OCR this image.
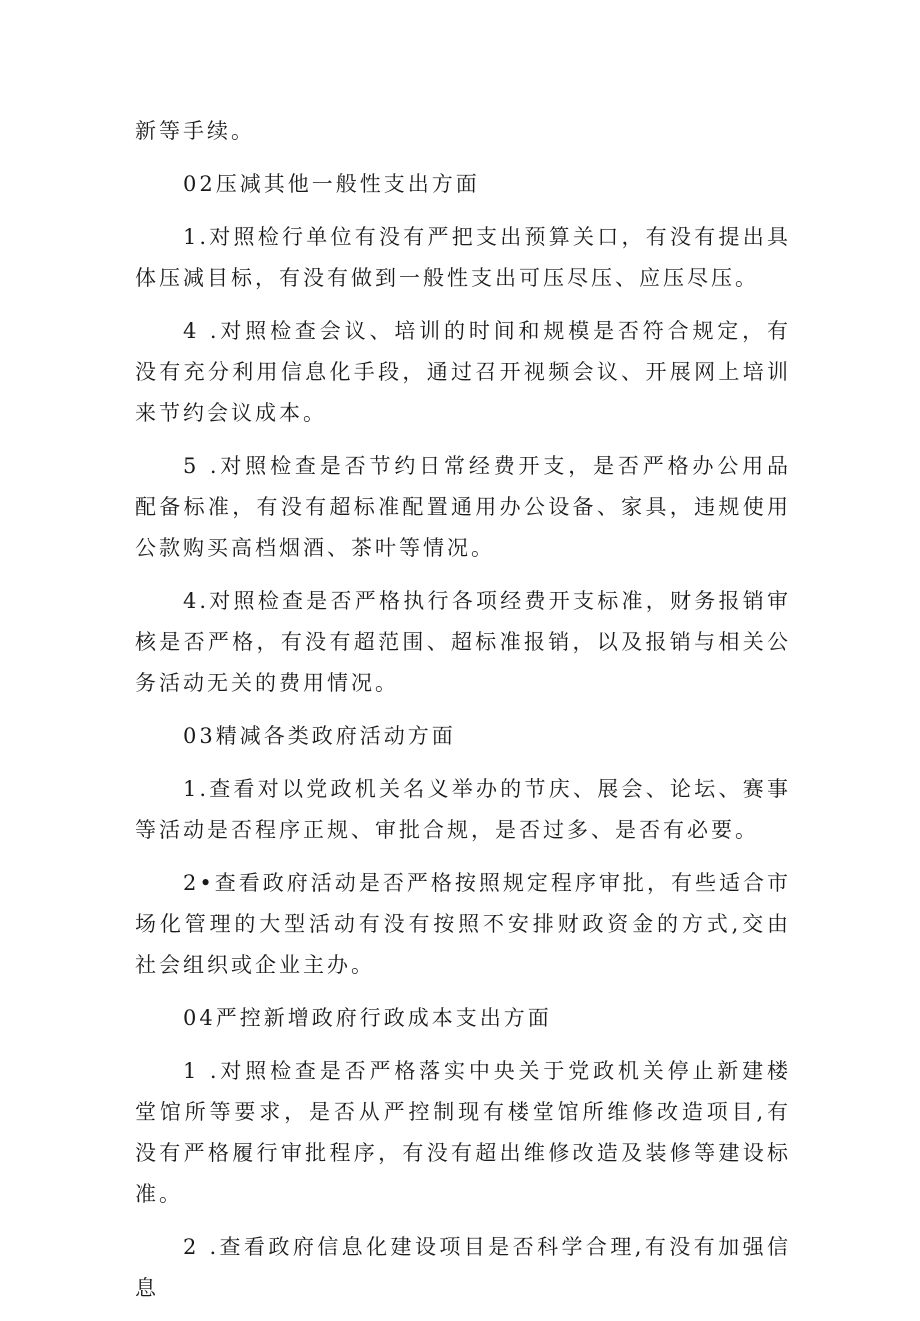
新等手续。

02压减其他一般性支出方面

1.对照检行单位有没有严把支出预算关口，有没有提出具体压减目标，有没有做到一般性支出可压尽压、应压尽压。

4 .对照检查会议、培训的时间和规模是否符合规定，有没有充分利用信息化手段，通过召开视频会议、开展网上培训来节约会议成本。

5 .对照检查是否节约日常经费开支，是否严格办公用品配备标准，有没有超标准配置通用办公设备、家具，违规使用公款购买高档烟酒、茶叶等情况。

4.对照检查是否严格执行各项经费开支标准，财务报销审核是否严格，有没有超范围、超标准报销，以及报销与相关公务活动无关的费用情况。

03精减各类政府活动方面

1.查看对以党政机关名义举办的节庆、展会、论坛、赛事等活动是否程序正规、审批合规，是否过多、是否有必要。

2•查看政府活动是否严格按照规定程序审批，有些适合市场化管理的大型活动有没有按照不安排财政资金的方式,交由社会组织或企业主办。

04严控新增政府行政成本支出方面

1 .对照检查是否严格落实中央关于党政机关停止新建楼堂馆所等要求，是否从严控制现有楼堂馆所维修改造项目,有没有严格履行审批程序，有没有超出维修改造及装修等建设标准。

2 .查看政府信息化建设项目是否科学合理,有没有加强信息
